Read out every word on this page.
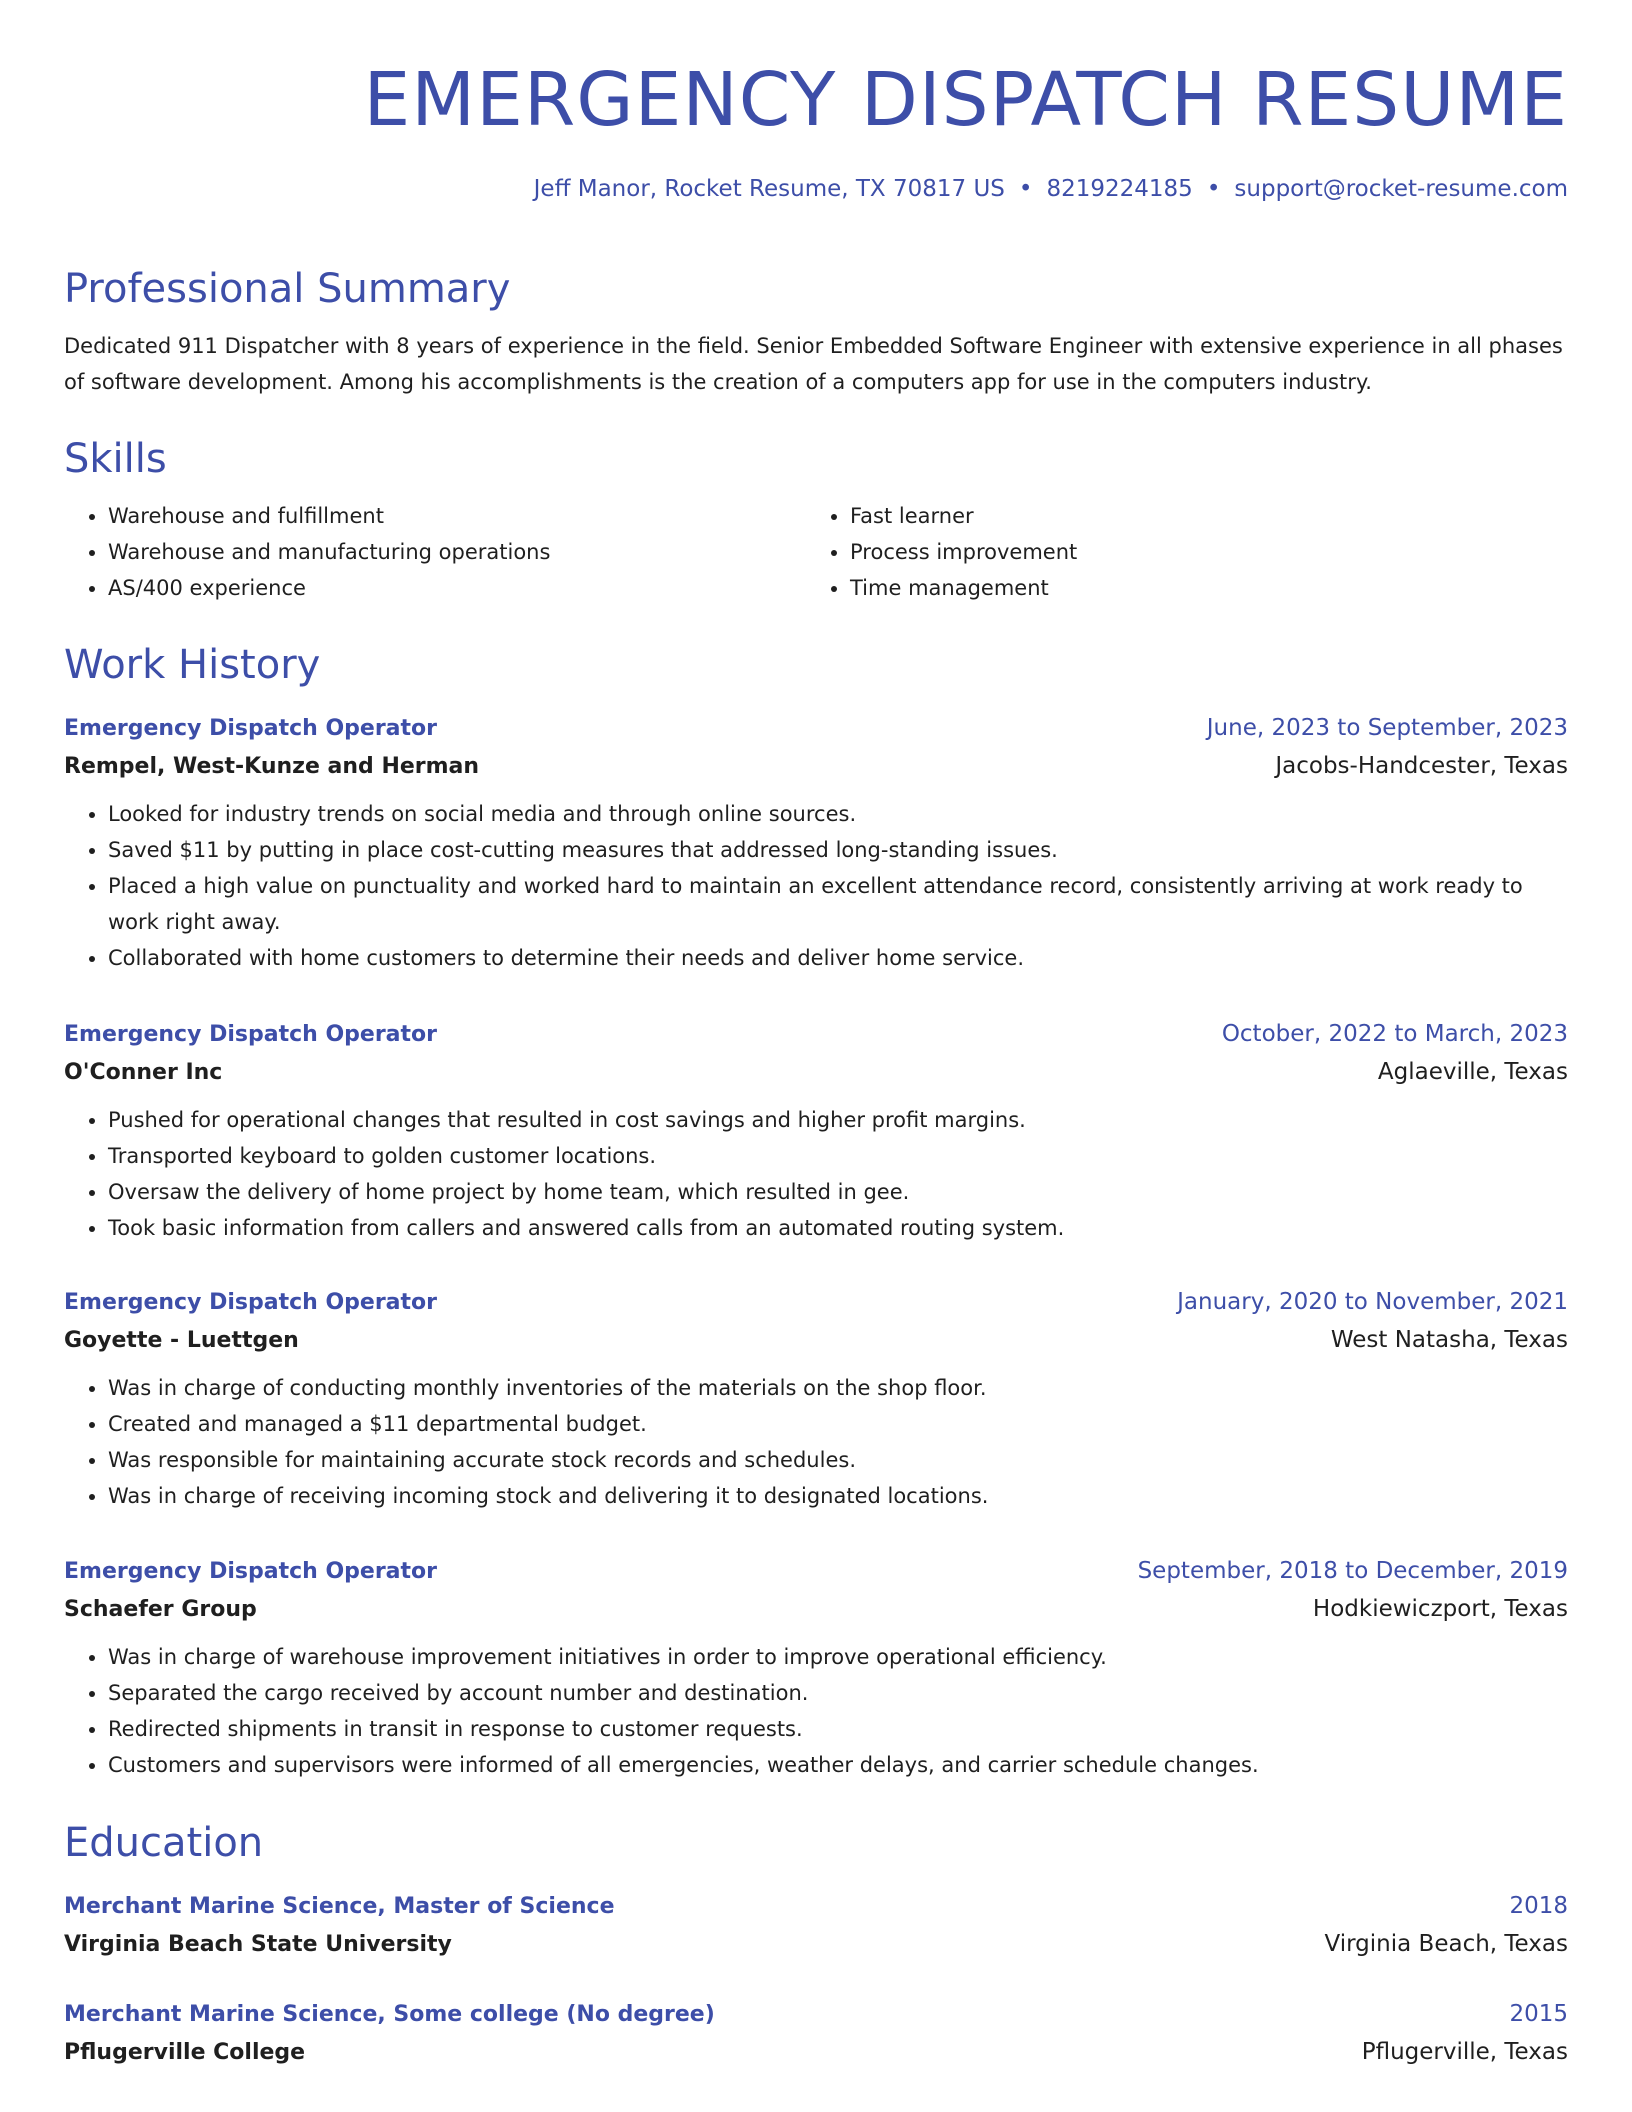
EMERGENCY DISPATCH RESUME
Jeff Manor, Rocket Resume, TX 70817 US • 8219224185 • support@rocket-resume.com
Professional Summary

Dedicated 911 Dispatcher with 8 years of experience in the field. Senior Embedded Software Engineer with extensive experience in all phases of software development. Among his accomplishments is the creation of a computers app for use in the computers industry.

Skills
• Warehouse and fulfillment
• Warehouse and manufacturing operations
• AS/400 experience
• Fast learner
• Process improvement
• Time management
Work History
Emergency Dispatch Operator	June, 2023 to September, 2023
Rempel, West-Kunze and Herman	Jacobs-Handcester, Texas
• Looked for industry trends on social media and through online sources.
• Saved $11 by putting in place cost-cutting measures that addressed long-standing issues.
• Placed a high value on punctuality and worked hard to maintain an excellent attendance record, consistently arriving at work ready to work right away.
• Collaborated with home customers to determine their needs and deliver home service.
Emergency Dispatch Operator	October, 2022 to March, 2023
O'Conner Inc	Aglaeville, Texas
• Pushed for operational changes that resulted in cost savings and higher profit margins.
• Transported keyboard to golden customer locations.
• Oversaw the delivery of home project by home team, which resulted in gee.
• Took basic information from callers and answered calls from an automated routing system.
Emergency Dispatch Operator	January, 2020 to November, 2021
Goyette - Luettgen	West Natasha, Texas
• Was in charge of conducting monthly inventories of the materials on the shop floor.
• Created and managed a $11 departmental budget.
• Was responsible for maintaining accurate stock records and schedules.
• Was in charge of receiving incoming stock and delivering it to designated locations.
Emergency Dispatch Operator	September, 2018 to December, 2019
Schaefer Group	Hodkiewiczport, Texas
• Was in charge of warehouse improvement initiatives in order to improve operational efficiency.
• Separated the cargo received by account number and destination.
• Redirected shipments in transit in response to customer requests.
• Customers and supervisors were informed of all emergencies, weather delays, and carrier schedule changes.
Education
Merchant Marine Science, Master of Science	2018
Virginia Beach State University	Virginia Beach, Texas
Merchant Marine Science, Some college (No degree)	2015
Pflugerville College	Pflugerville, Texas
